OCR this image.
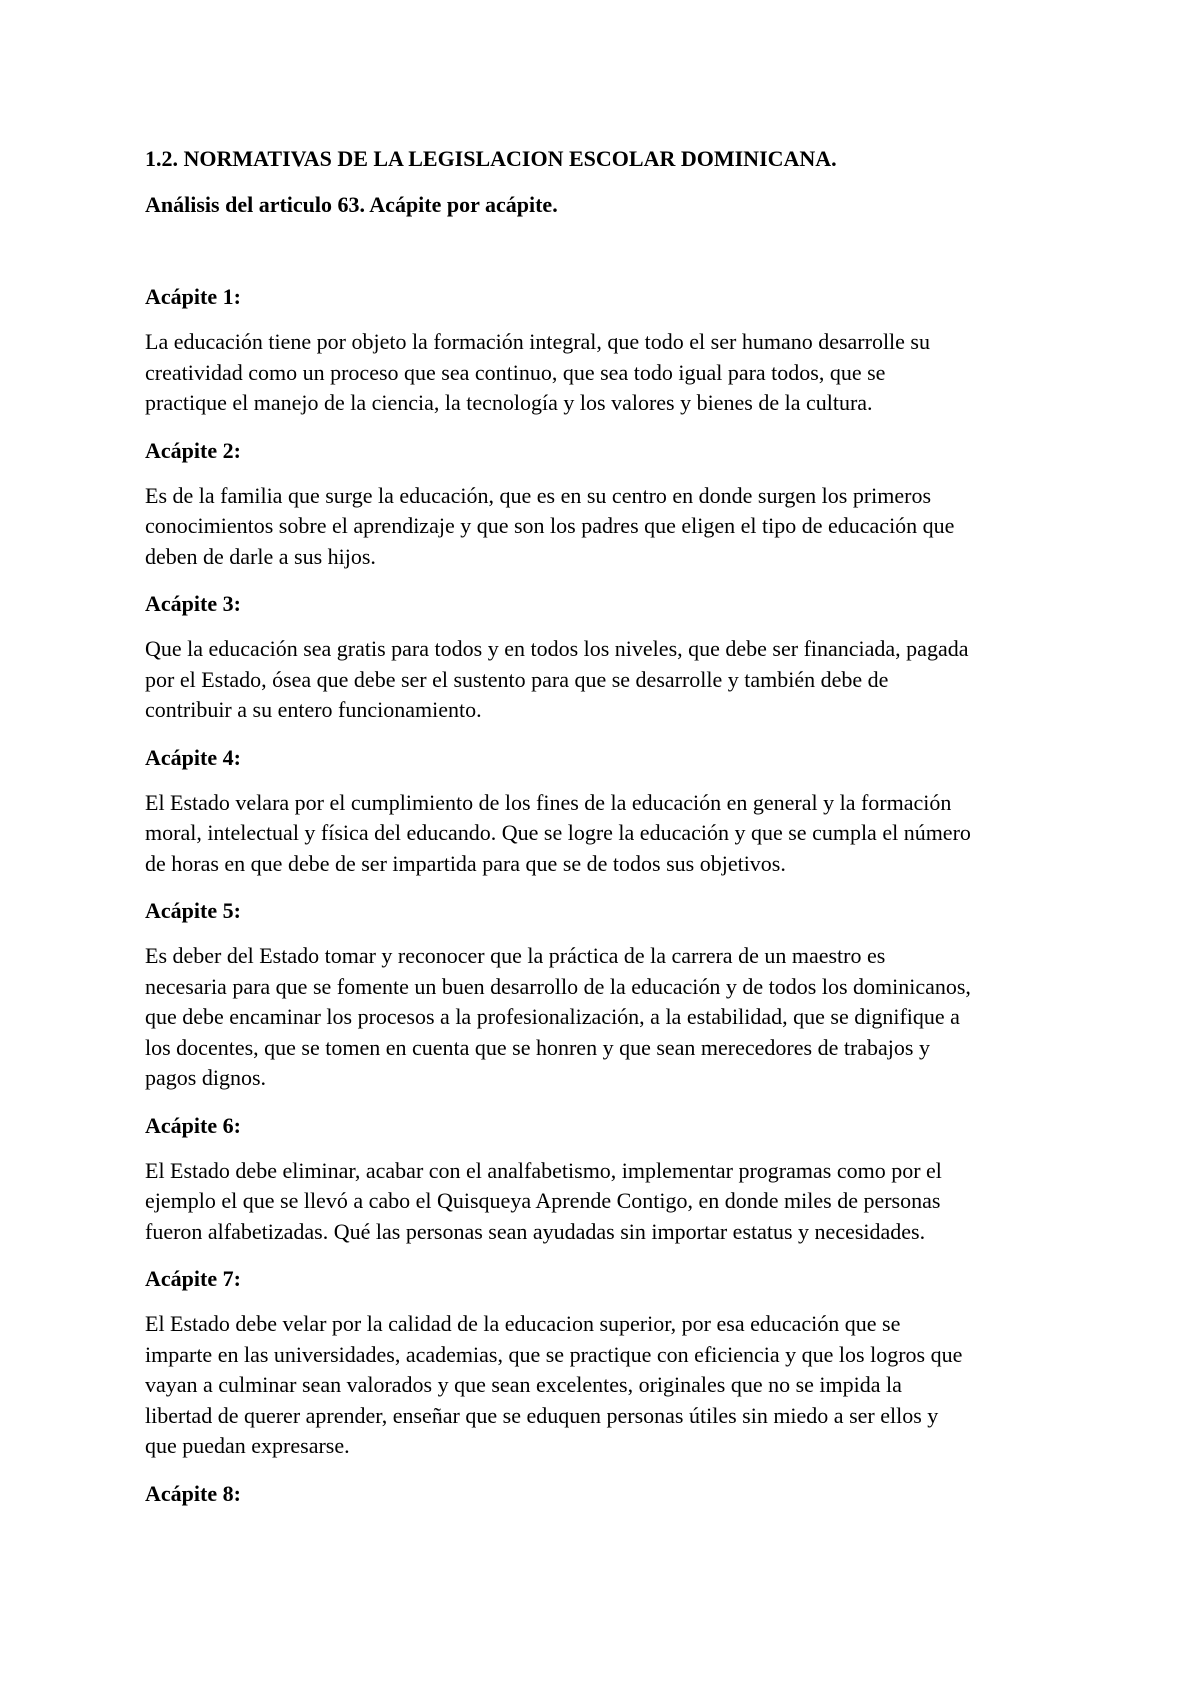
1.2. NORMATIVAS DE LA LEGISLACION ESCOLAR DOMINICANA.

Análisis del articulo 63. Acápite por acápite.

Acápite 1:

La educación tiene por objeto la formación integral, que todo el ser humano desarrolle su
creatividad como un proceso que sea continuo, que sea todo igual para todos, que se
practique el manejo de la ciencia, la tecnología y los valores y bienes de la cultura.

Acápite 2:

Es de la familia que surge la educación, que es en su centro en donde surgen los primeros
conocimientos sobre el aprendizaje y que son los padres que eligen el tipo de educación que
deben de darle a sus hijos.

Acápite 3:

Que la educación sea gratis para todos y en todos los niveles, que debe ser financiada, pagada
por el Estado, ósea que debe ser el sustento para que se desarrolle y también debe de
contribuir a su entero funcionamiento.

Acápite 4:

El Estado velara por el cumplimiento de los fines de la educación en general y la formación
moral, intelectual y física del educando. Que se logre la educación y que se cumpla el número
de horas en que debe de ser impartida para que se de todos sus objetivos.

Acápite 5:

Es deber del Estado tomar y reconocer que la práctica de la carrera de un maestro es
necesaria para que se fomente un buen desarrollo de la educación y de todos los dominicanos,
que debe encaminar los procesos a la profesionalización, a la estabilidad, que se dignifique a
los docentes, que se tomen en cuenta que se honren y que sean merecedores de trabajos y
pagos dignos.

Acápite 6:

El Estado debe eliminar, acabar con el analfabetismo, implementar programas como por el
ejemplo el que se llevó a cabo el Quisqueya Aprende Contigo, en donde miles de personas
fueron alfabetizadas. Qué las personas sean ayudadas sin importar estatus y necesidades.

Acápite 7:

El Estado debe velar por la calidad de la educacion superior, por esa educación que se
imparte en las universidades, academias, que se practique con eficiencia y que los logros que
vayan a culminar sean valorados y que sean excelentes, originales que no se impida la
libertad de querer aprender, enseñar que se eduquen personas útiles sin miedo a ser ellos y
que puedan expresarse.

Acápite 8:
